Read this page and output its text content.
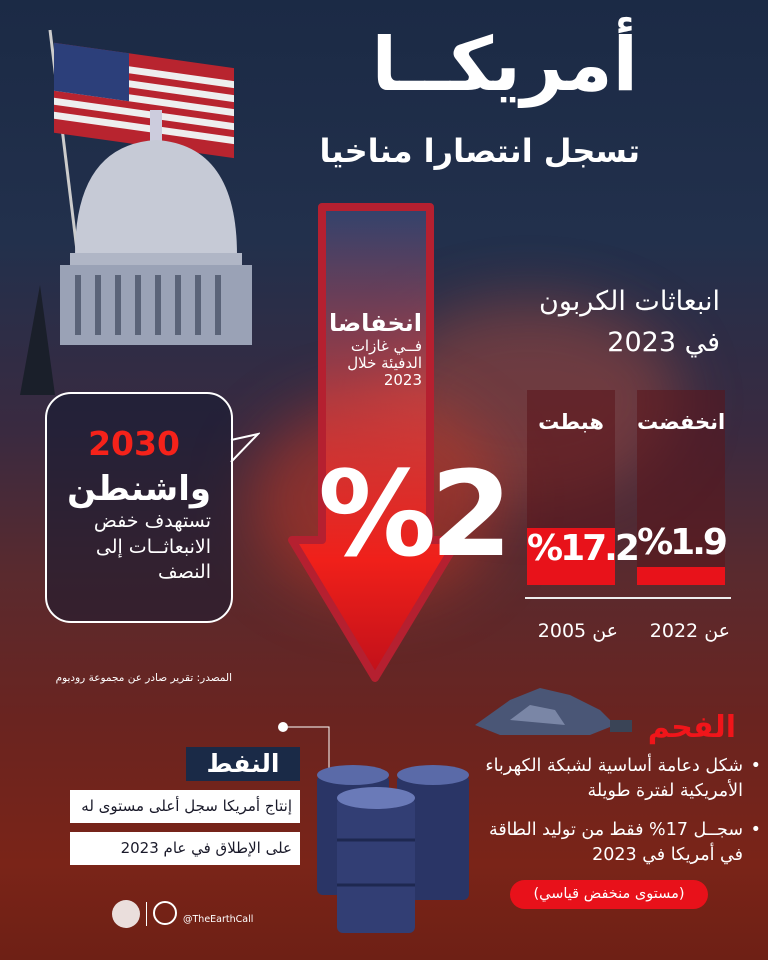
أمريكــا
تسجل انتصارا مناخيا
انخفاضا
فــي غازات
الدفيئة خلال
2023
%2
انبعاثات الكربون
في 2023
انخفضت
%1.9
هبطت
%17.2
عن 2022
عن 2005
2030
واشنطن
تستهدف خفض
الانبعاثــات إلى
النصف
المصدر: تقرير صادر عن مجموعة روديوم
الفحم
• شكل دعامة أساسية لشبكة الكهرباء الأمريكية لفترة طويلة
• سجــل 17% فقط من توليد الطاقة في أمريكا في 2023
(مستوى منخفض قياسي)
النفط
إنتاج أمريكا سجل أعلى مستوى له
على الإطلاق في عام 2023
@TheEarthCall
